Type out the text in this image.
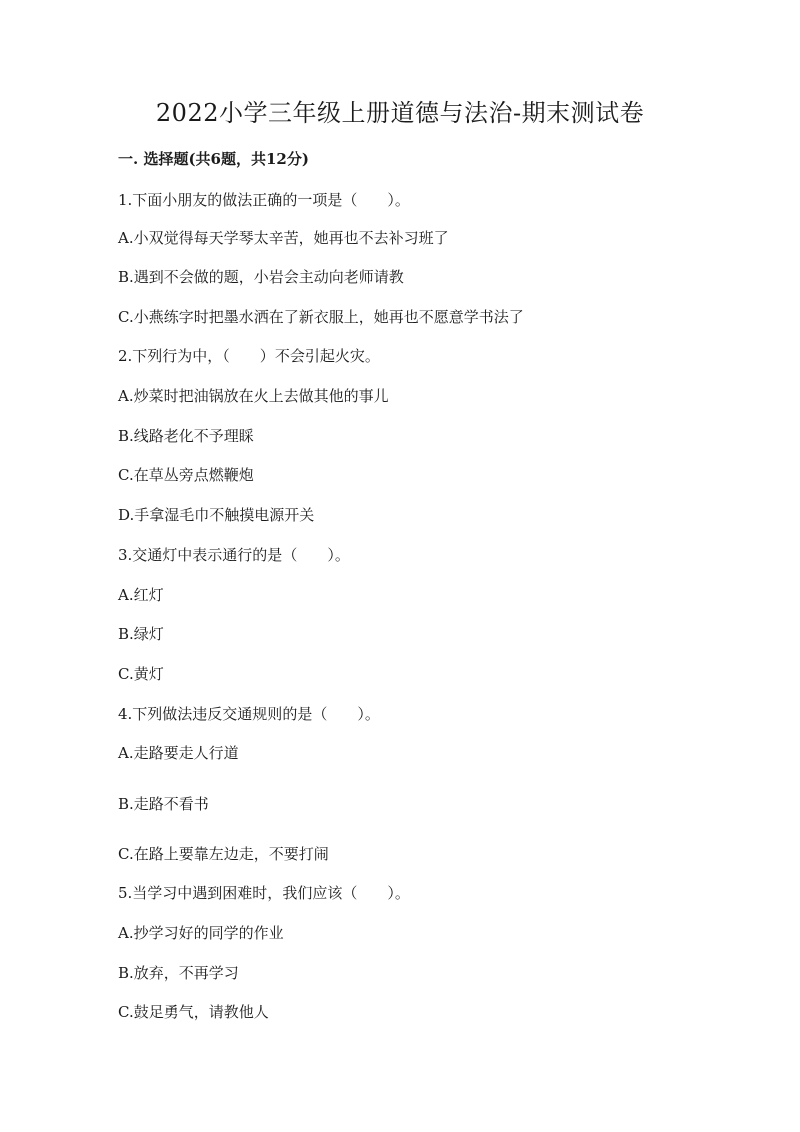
2022小学三年级上册道德与法治-期末测试卷
一. 选择题(共6题，共12分)
1.下面小朋友的做法正确的一项是（　　）。
A.小双觉得每天学琴太辛苦，她再也不去补习班了
B.遇到不会做的题，小岩会主动向老师请教
C.小燕练字时把墨水洒在了新衣服上，她再也不愿意学书法了
2.下列行为中，（　　）不会引起火灾。
A.炒菜时把油锅放在火上去做其他的事儿
B.线路老化不予理睬
C.在草丛旁点燃鞭炮
D.手拿湿毛巾不触摸电源开关
3.交通灯中表示通行的是（　　）。
A.红灯
B.绿灯
C.黄灯
4.下列做法违反交通规则的是（　　）。
A.走路要走人行道
B.走路不看书
C.在路上要靠左边走，不要打闹
5.当学习中遇到困难时，我们应该（　　）。
A.抄学习好的同学的作业
B.放弃，不再学习
C.鼓足勇气，请教他人
